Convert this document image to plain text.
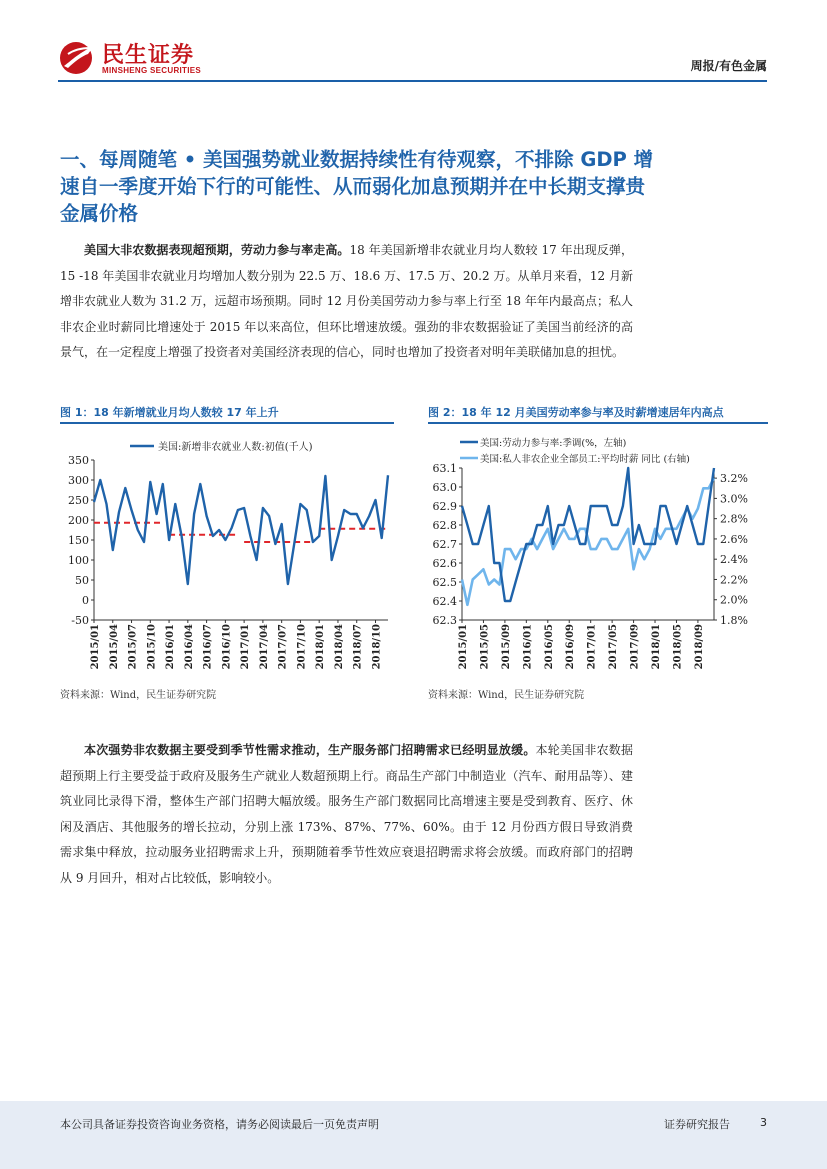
民生证券
MINSHENG SECURITIES	周报/有色金属
一、每周随笔 • 美国强势就业数据持续性有待观察，不排除 GDP 增速自一季度开始下行的可能性、从而弱化加息预期并在中长期支撑贵金属价格
美国大非农数据表现超预期，劳动力参与率走高。18 年美国新增非农就业月均人数较 17 年出现反弹，15 -18 年美国非农就业月均增加人数分别为 22.5 万、18.6 万、17.5 万、20.2 万。从单月来看，12 月新增非农就业人数为 31.2 万，远超市场预期。同时 12 月份美国劳动力参与率上行至 18 年年内最高点；私人非农企业时薪同比增速处于 2015 年以来高位，但环比增速放缓。强劲的非农数据验证了美国当前经济的高景气，在一定程度上增强了投资者对美国经济表现的信心，同时也增加了投资者对明年美联储加息的担忧。
图 1：18 年新增就业月均人数较 17 年上升	图 2：18 年 12 月美国劳动率参与率及时薪增速居年内高点
350
300
250
200
150
100
50
0
-50
2015/01 2015/04 2015/07 2015/10 2016/01 2016/04 2016/07 2016/10 2017/01 2017/04 2017/07 2017/10 2018/01 2018/04 2018/07 2018/10
美国:新增非农就业人数:初值(千人)
63.1
63.0
62.9
62.8
62.7
62.6
62.5
62.4
62.3
3.2%
3.0%
2.8%
2.6%
2.4%
2.2%
2.0%
1.8%
2015/01 2015/05 2015/09 2016/01 2016/05 2016/09 2017/01 2017/05 2017/09 2018/01 2018/05 2018/09
美国:劳动力参与率:季调(%，左轴)
美国:私人非农企业全部员工:平均时薪 同比 (右轴)
资料来源：Wind，民生证券研究院	资料来源：Wind，民生证券研究院
本次强势非农数据主要受到季节性需求推动，生产服务部门招聘需求已经明显放缓。本轮美国非农数据超预期上行主要受益于政府及服务生产就业人数超预期上行。商品生产部门中制造业（汽车、耐用品等）、建筑业同比录得下滑，整体生产部门招聘大幅放缓。服务生产部门数据同比高增速主要是受到教育、医疗、休闲及酒店、其他服务的增长拉动，分别上涨 173%、87%、77%、60%。由于 12 月份西方假日导致消费需求集中释放，拉动服务业招聘需求上升，预期随着季节性效应衰退招聘需求将会放缓。而政府部门的招聘从 9 月回升，相对占比较低，影响较小。
本公司具备证券投资咨询业务资格，请务必阅读最后一页免责声明	证券研究报告	3
